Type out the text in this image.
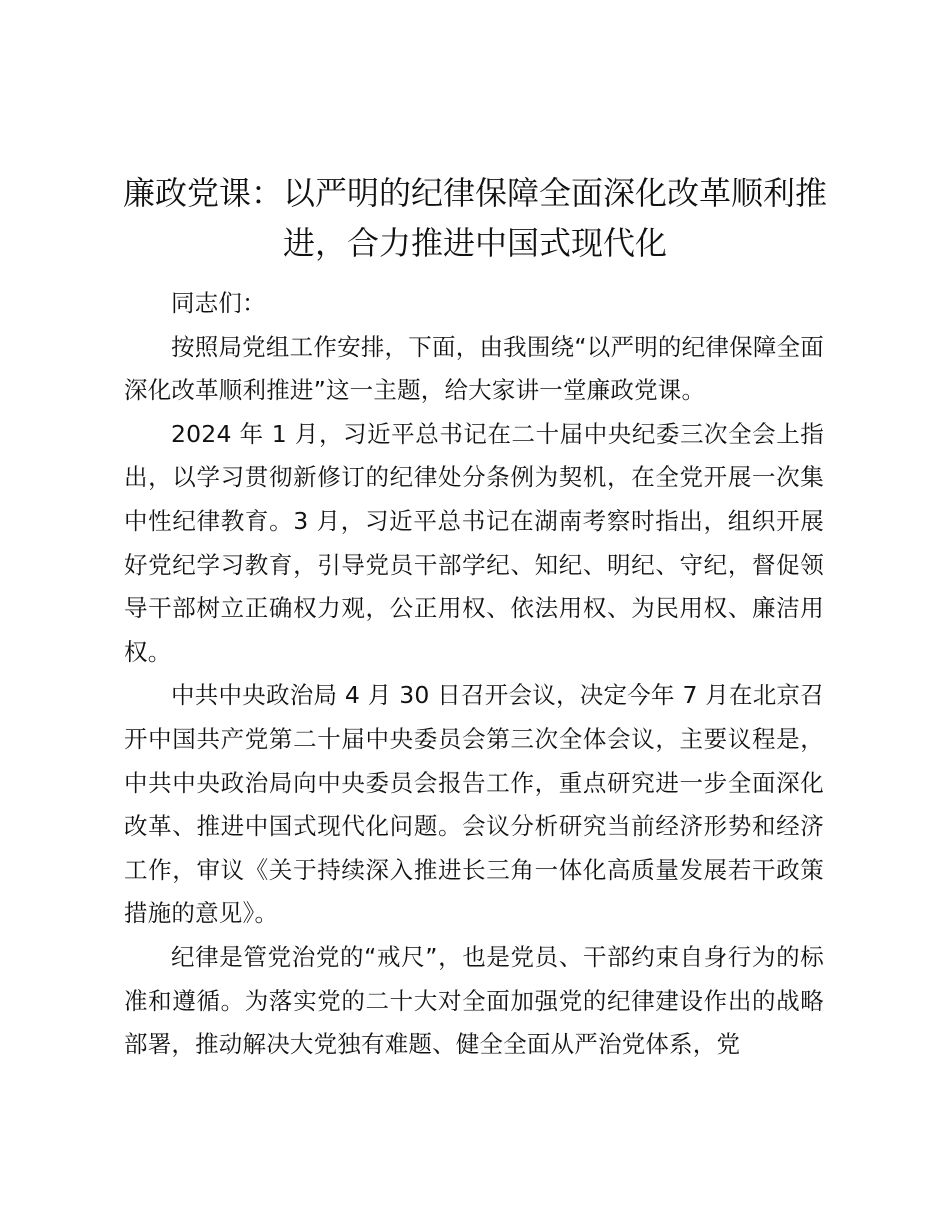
廉政党课：以严明的纪律保障全面深化改革顺利推进，合力推进中国式现代化

同志们：

按照局党组工作安排，下面，由我围绕“以严明的纪律保障全面深化改革顺利推进”这一主题，给大家讲一堂廉政党课。

2024 年 1 月，习近平总书记在二十届中央纪委三次全会上指出，以学习贯彻新修订的纪律处分条例为契机，在全党开展一次集中性纪律教育。3 月，习近平总书记在湖南考察时指出，组织开展好党纪学习教育，引导党员干部学纪、知纪、明纪、守纪，督促领导干部树立正确权力观，公正用权、依法用权、为民用权、廉洁用权。

中共中央政治局 4 月 30 日召开会议，决定今年 7 月在北京召开中国共产党第二十届中央委员会第三次全体会议，主要议程是，中共中央政治局向中央委员会报告工作，重点研究进一步全面深化改革、推进中国式现代化问题。会议分析研究当前经济形势和经济工作，审议《关于持续深入推进长三角一体化高质量发展若干政策措施的意见》。

纪律是管党治党的“戒尺”，也是党员、干部约束自身行为的标准和遵循。为落实党的二十大对全面加强党的纪律建设作出的战略部署，推动解决大党独有难题、健全全面从严治党体系，党
